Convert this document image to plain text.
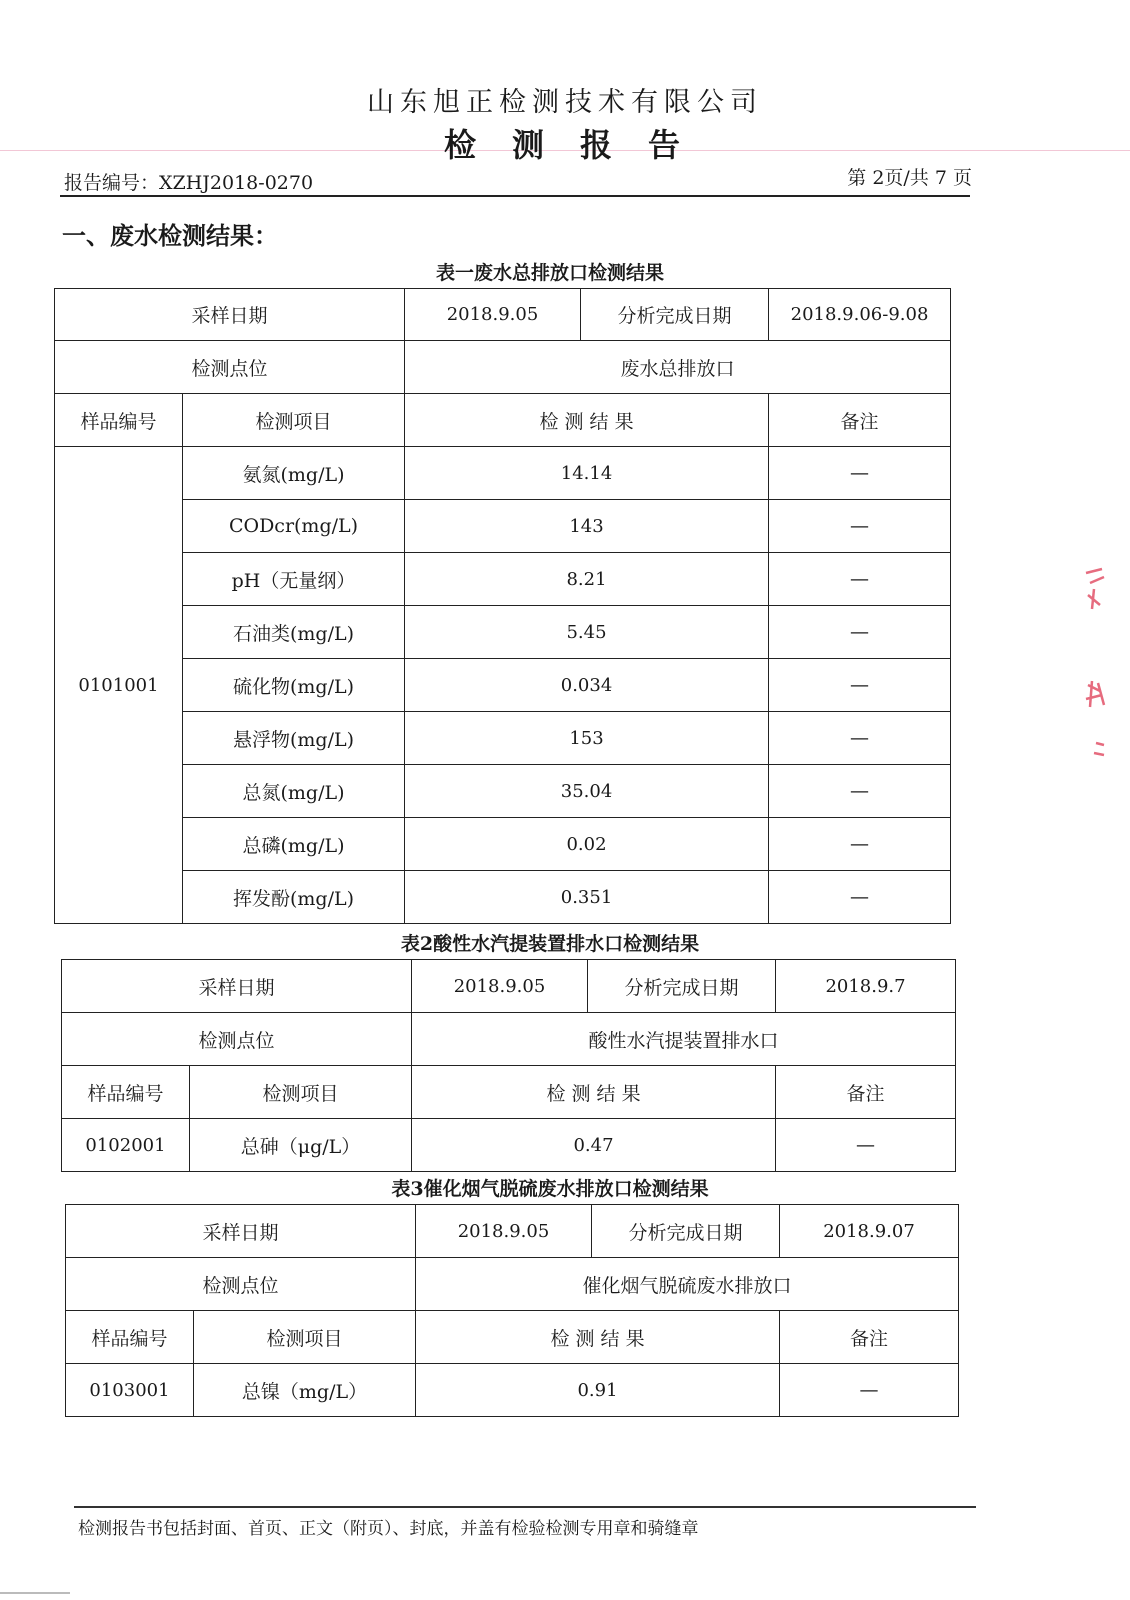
山东旭正检测技术有限公司
检测报告
报告编号：XZHJ2018-0270	第 2页/共 7 页
一、废水检测结果：
表一废水总排放口检测结果
采样日期		2018.9.05	分析完成日期	2018.9.06-9.08
检测点位		废水总排放口		
样品编号	检测项目	检 测 结 果		备注
0101001	氨氮(mg/L)	14.14		—
	CODcr(mg/L)	143		—
	pH（无量纲）	8.21		—
	石油类(mg/L)	5.45		—
	硫化物(mg/L)	0.034		—
	悬浮物(mg/L)	153		—
	总氮(mg/L)	35.04		—
	总磷(mg/L)	0.02		—
	挥发酚(mg/L)	0.351		—
表2酸性水汽提装置排水口检测结果
采样日期		2018.9.05	分析完成日期	2018.9.7
检测点位		酸性水汽提装置排水口		
样品编号	检测项目	检 测 结 果		备注
0102001	总砷（μg/L）	0.47		—
表3催化烟气脱硫废水排放口检测结果
采样日期		2018.9.05	分析完成日期	2018.9.07
检测点位		催化烟气脱硫废水排放口		
样品编号	检测项目	检 测 结 果		备注
0103001	总镍（mg/L）	0.91		—
检测报告书包括封面、首页、正文（附页）、封底，并盖有检验检测专用章和骑缝章
